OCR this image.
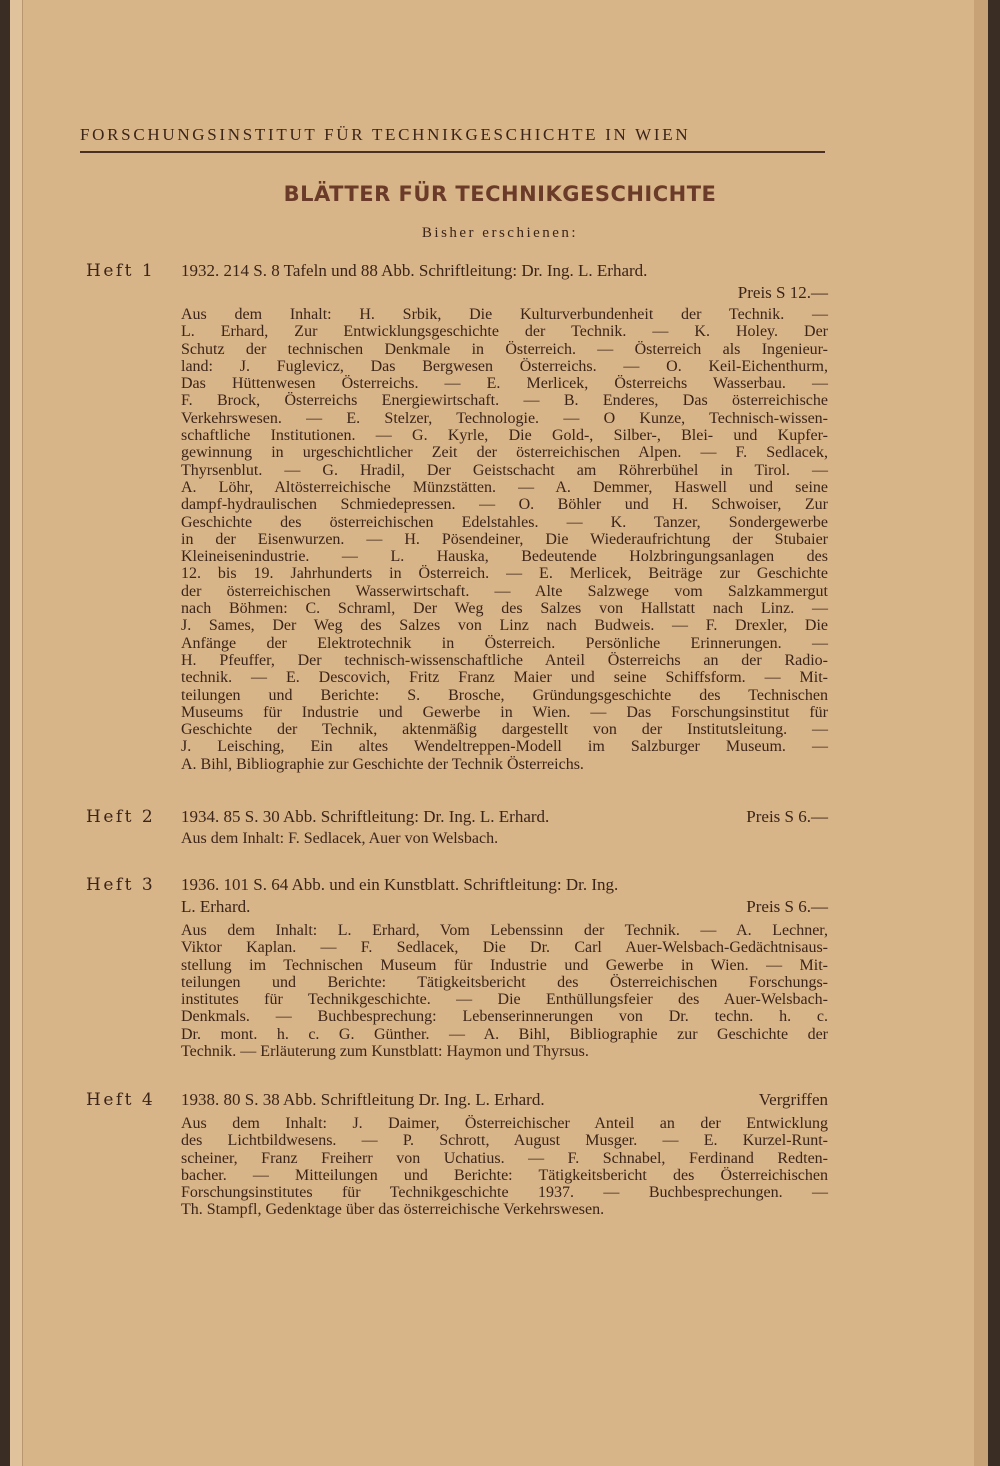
FORSCHUNGSINSTITUT FÜR TECHNIKGESCHICHTE IN WIEN
BLÄTTER FÜR TECHNIKGESCHICHTE
Bisher erschienen:
Heft 1 1932. 214 S. 8 Tafeln und 88 Abb. Schriftleitung: Dr. Ing. L. Erhard.
Preis S 12.—
Aus dem Inhalt: H. Srbik, Die Kulturverbundenheit der Technik. —
L. Erhard, Zur Entwicklungsgeschichte der Technik. — K. Holey. Der
Schutz der technischen Denkmale in Österreich. — Österreich als Ingenieur-
land: J. Fuglevicz, Das Bergwesen Österreichs. — O. Keil-Eichenthurm,
Das Hüttenwesen Österreichs. — E. Merlicek, Österreichs Wasserbau. —
F. Brock, Österreichs Energiewirtschaft. — B. Enderes, Das österreichische
Verkehrswesen. — E. Stelzer, Technologie. — O Kunze, Technisch-wissen-
schaftliche Institutionen. — G. Kyrle, Die Gold-, Silber-, Blei- und Kupfer-
gewinnung in urgeschichtlicher Zeit der österreichischen Alpen. — F. Sedlacek,
Thyrsenblut. — G. Hradil, Der Geistschacht am Röhrerbühel in Tirol. —
A. Löhr, Altösterreichische Münzstätten. — A. Demmer, Haswell und seine
dampf-hydraulischen Schmiedepressen. — O. Böhler und H. Schwoiser, Zur
Geschichte des österreichischen Edelstahles. — K. Tanzer, Sondergewerbe
in der Eisenwurzen. — H. Pösendeiner, Die Wiederaufrichtung der Stubaier
Kleineisenindustrie. — L. Hauska, Bedeutende Holzbringungsanlagen des
12. bis 19. Jahrhunderts in Österreich. — E. Merlicek, Beiträge zur Geschichte
der österreichischen Wasserwirtschaft. — Alte Salzwege vom Salzkammergut
nach Böhmen: C. Schraml, Der Weg des Salzes von Hallstatt nach Linz. —
J. Sames, Der Weg des Salzes von Linz nach Budweis. — F. Drexler, Die
Anfänge der Elektrotechnik in Österreich. Persönliche Erinnerungen. —
H. Pfeuffer, Der technisch-wissenschaftliche Anteil Österreichs an der Radio-
technik. — E. Descovich, Fritz Franz Maier und seine Schiffsform. — Mit-
teilungen und Berichte: S. Brosche, Gründungsgeschichte des Technischen
Museums für Industrie und Gewerbe in Wien. — Das Forschungsinstitut für
Geschichte der Technik, aktenmäßig dargestellt von der Institutsleitung. —
J. Leisching, Ein altes Wendeltreppen-Modell im Salzburger Museum. —
A. Bihl, Bibliographie zur Geschichte der Technik Österreichs.
Heft 2 1934. 85 S. 30 Abb. Schriftleitung: Dr. Ing. L. Erhard.	Preis S 6.—
Aus dem Inhalt: F. Sedlacek, Auer von Welsbach.
Heft 3 1936. 101 S. 64 Abb. und ein Kunstblatt. Schriftleitung: Dr. Ing.
L. Erhard.	Preis S 6.—
Aus dem Inhalt: L. Erhard, Vom Lebenssinn der Technik. — A. Lechner,
Viktor Kaplan. — F. Sedlacek, Die Dr. Carl Auer-Welsbach-Gedächtnisaus-
stellung im Technischen Museum für Industrie und Gewerbe in Wien. — Mit-
teilungen und Berichte: Tätigkeitsbericht des Österreichischen Forschungs-
institutes für Technikgeschichte. — Die Enthüllungsfeier des Auer-Welsbach-
Denkmals. — Buchbesprechung: Lebenserinnerungen von Dr. techn. h. c.
Dr. mont. h. c. G. Günther. — A. Bihl, Bibliographie zur Geschichte der
Technik. — Erläuterung zum Kunstblatt: Haymon und Thyrsus.
Heft 4 1938. 80 S. 38 Abb. Schriftleitung Dr. Ing. L. Erhard.	Vergriffen
Aus dem Inhalt: J. Daimer, Österreichischer Anteil an der Entwicklung
des Lichtbildwesens. — P. Schrott, August Musger. — E. Kurzel-Runt-
scheiner, Franz Freiherr von Uchatius. — F. Schnabel, Ferdinand Redten-
bacher. — Mitteilungen und Berichte: Tätigkeitsbericht des Österreichischen
Forschungsinstitutes für Technikgeschichte 1937. — Buchbesprechungen. —
Th. Stampfl, Gedenktage über das österreichische Verkehrswesen.
